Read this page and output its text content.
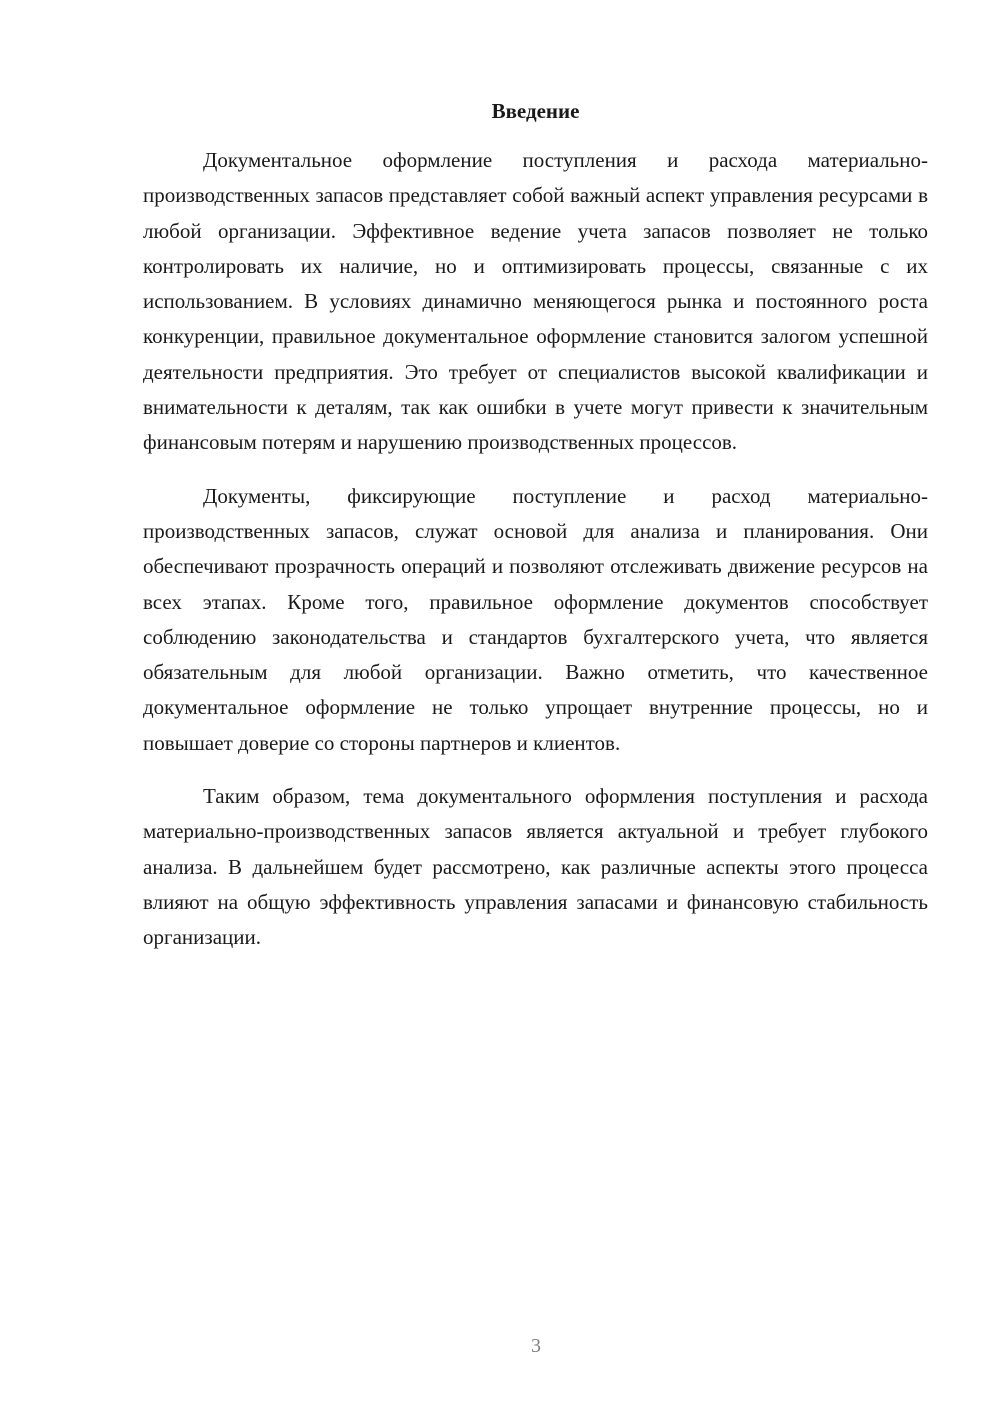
Введение

Документальное оформление поступления и расхода материально-производственных запасов представляет собой важный аспект управления ресурсами в любой организации. Эффективное ведение учета запасов позволяет не только контролировать их наличие, но и оптимизировать процессы, связанные с их использованием. В условиях динамично меняющегося рынка и постоянного роста конкуренции, правильное документальное оформление становится залогом успешной деятельности предприятия. Это требует от специалистов высокой квалификации и внимательности к деталям, так как ошибки в учете могут привести к значительным финансовым потерям и нарушению производственных процессов.

Документы, фиксирующие поступление и расход материально-производственных запасов, служат основой для анализа и планирования. Они обеспечивают прозрачность операций и позволяют отслеживать движение ресурсов на всех этапах. Кроме того, правильное оформление документов способствует соблюдению законодательства и стандартов бухгалтерского учета, что является обязательным для любой организации. Важно отметить, что качественное документальное оформление не только упрощает внутренние процессы, но и повышает доверие со стороны партнеров и клиентов.

Таким образом, тема документального оформления поступления и расхода материально-производственных запасов является актуальной и требует глубокого анализа. В дальнейшем будет рассмотрено, как различные аспекты этого процесса влияют на общую эффективность управления запасами и финансовую стабильность организации.

3
